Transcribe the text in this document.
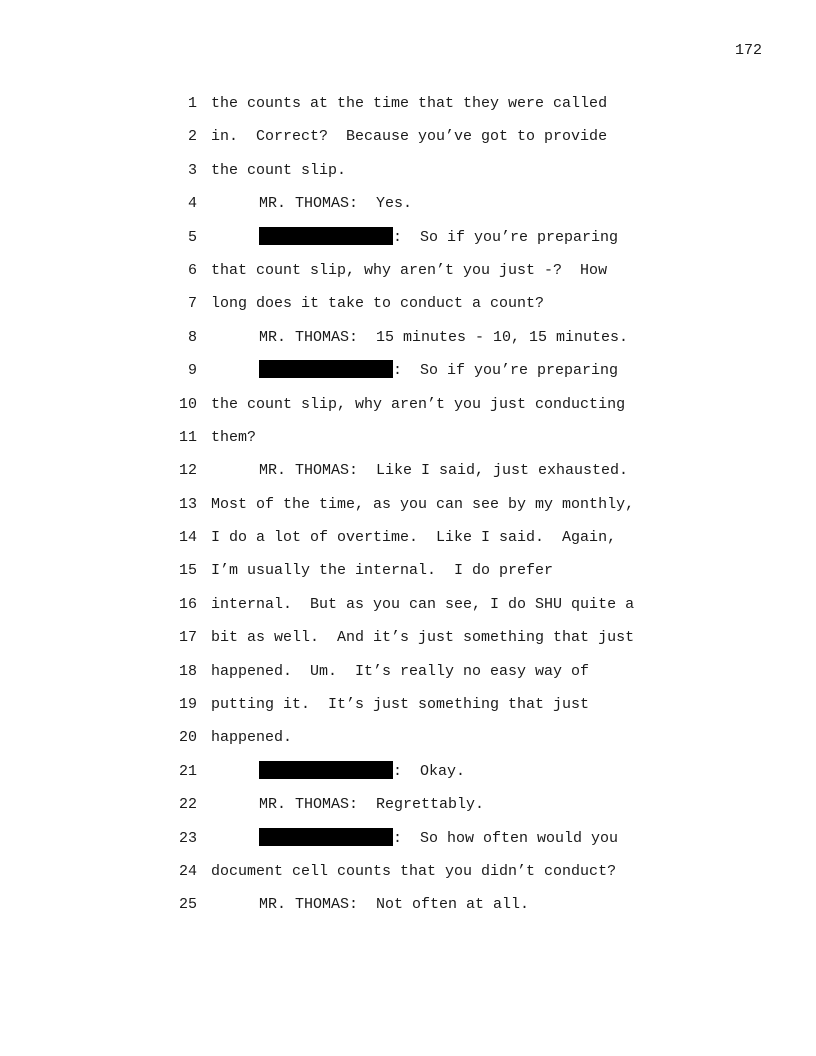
172
1 the counts at the time that they were called
2 in.  Correct?  Because you’ve got to provide
3 the count slip.
4	MR. THOMAS:  Yes.
5	:  So if you’re preparing
6 that count slip, why aren’t you just -?  How
7 long does it take to conduct a count?
8	MR. THOMAS:  15 minutes - 10, 15 minutes.
9	:  So if you’re preparing
10 the count slip, why aren’t you just conducting
11 them?
12	MR. THOMAS:  Like I said, just exhausted.
13 Most of the time, as you can see by my monthly,
14 I do a lot of overtime.  Like I said.  Again,
15 I’m usually the internal.  I do prefer
16 internal.  But as you can see, I do SHU quite a
17 bit as well.  And it’s just something that just
18 happened.  Um.  It’s really no easy way of
19 putting it.  It’s just something that just
20 happened.
21	:  Okay.
22	MR. THOMAS:  Regrettably.
23	:  So how often would you
24 document cell counts that you didn’t conduct?
25	MR. THOMAS:  Not often at all.
